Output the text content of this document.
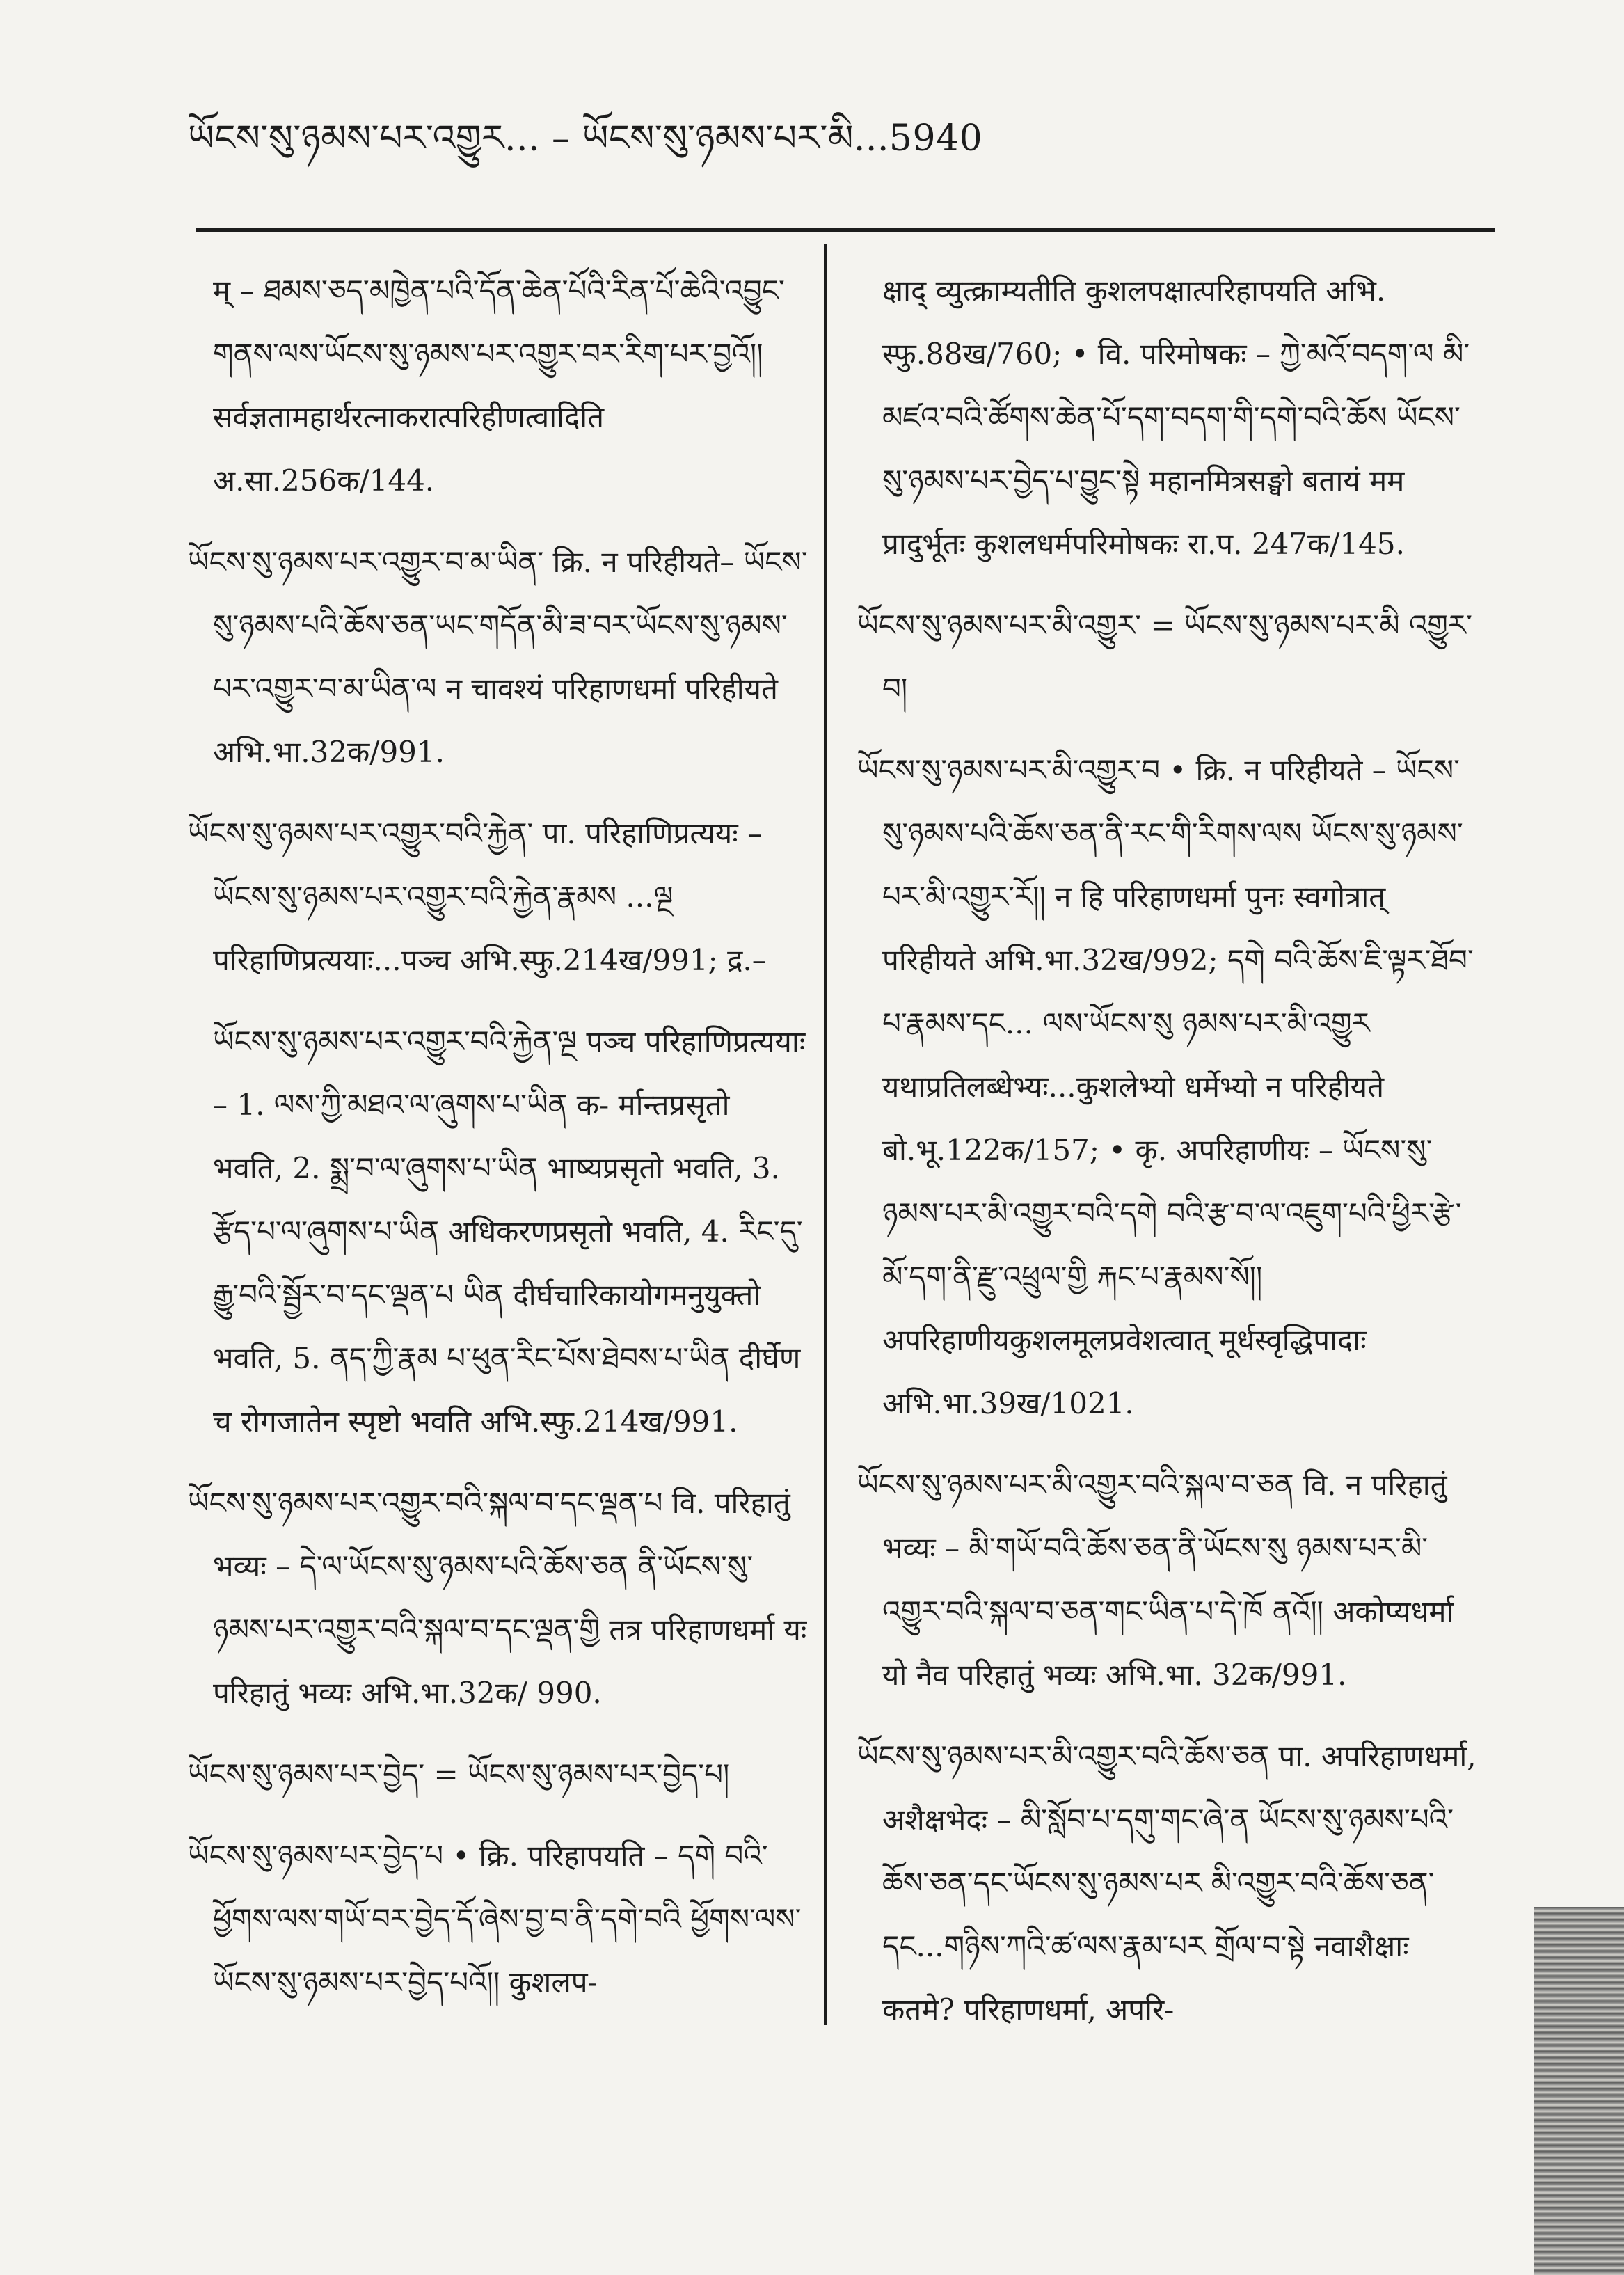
ཡོངས་སུ་ཉམས་པར་འགྱུར... – ཡོངས་སུ་ཉམས་པར་མི...5940

म् – ཐམས་ཅད་མཁྱེན་པའི་དོན་ཆེན་པོའི་རིན་པོ་ཆེའི་འབྱུང་གནས་ལས་ཡོངས་སུ་ཉམས་པར་འགྱུར་བར་རིག་པར་བྱའོ།། सर्वज्ञतामहार्थरत्नाकरात्परिहीणत्वादिति अ.सा.256क/144.

ཡོངས་སུ་ཉམས་པར་འགྱུར་བ་མ་ཡིན་ क्रि. न परिहीयते– ཡོངས་སུ་ཉམས་པའི་ཆོས་ཅན་ཡང་གདོན་མི་ཟ་བར་ཡོངས་སུ་ཉམས་པར་འགྱུར་བ་མ་ཡིན་ལ न चावश्यं परिहाणधर्मा परिहीयते अभि.भा.32क/991.

ཡོངས་སུ་ཉམས་པར་འགྱུར་བའི་རྐྱེན་ पा. परिहाणिप्रत्ययः – ཡོངས་སུ་ཉམས་པར་འགྱུར་བའི་རྐྱེན་རྣམས ...ལྔ परिहाणिप्रत्ययाः...पञ्च अभि.स्फु.214ख/991; द्र.–

ཡོངས་སུ་ཉམས་པར་འགྱུར་བའི་རྐྱེན་ལྔ पञ्च परिहाणिप्रत्ययाः – 1. ལས་ཀྱི་མཐའ་ལ་ཞུགས་པ་ཡིན क- र्मान्तप्रसृतो भवति, 2. སྨྲ་བ་ལ་ཞུགས་པ་ཡིན भाष्यप्रसृतो भवति, 3. རྩོད་པ་ལ་ཞུགས་པ་ཡིན अधिकरणप्रसृतो भवति, 4. རིང་དུ་རྒྱུ་བའི་སྦྱོར་བ་དང་ལྡན་པ ཡིན दीर्घचारिकायोगमनुयुक्तो भवति, 5. ནད་ཀྱི་རྣམ པ་ཕུན་རིང་པོས་ཐེབས་པ་ཡིན दीर्घेण च रोगजातेन स्पृष्टो भवति अभि.स्फु.214ख/991.

ཡོངས་སུ་ཉམས་པར་འགྱུར་བའི་སྐལ་བ་དང་ལྡན་པ वि. परिहातुं भव्यः – དེ་ལ་ཡོངས་སུ་ཉམས་པའི་ཆོས་ཅན ནི་ཡོངས་སུ་ཉམས་པར་འགྱུར་བའི་སྐལ་བ་དང་ལྡན་གྱི तत्र परिहाणधर्मा यः परिहातुं भव्यः अभि.भा.32क/ 990.

ཡོངས་སུ་ཉམས་པར་བྱེད་ = ཡོངས་སུ་ཉམས་པར་བྱེད་པ།

ཡོངས་སུ་ཉམས་པར་བྱེད་པ • क्रि. परिहापयति – དགེ བའི་ཕྱོགས་ལས་གཡོ་བར་བྱེད་དོ་ཞེས་བྱ་བ་ནི་དགེ་བའི ཕྱོགས་ལས་ཡོངས་སུ་ཉམས་པར་བྱེད་པའོ།། कुशलप-

क्षाद् व्युत्क्राम्यतीति कुशलपक्षात्परिहापयति अभि. स्फु.88ख/760; • वि. परिमोषकः – ཀྱེ་མའོ་བདག་ལ མི་མཛའ་བའི་ཚོགས་ཆེན་པོ་དག་བདག་གི་དགེ་བའི་ཆོས ཡོངས་སུ་ཉམས་པར་བྱེད་པ་བྱུང་སྟེ महानमित्रसङ्घो बतायं मम प्रादुर्भूतः कुशलधर्मपरिमोषकः रा.प. 247क/145.

ཡོངས་སུ་ཉམས་པར་མི་འགྱུར་ = ཡོངས་སུ་ཉམས་པར་མི འགྱུར་བ།

ཡོངས་སུ་ཉམས་པར་མི་འགྱུར་བ • क्रि. न परिहीयते – ཡོངས་སུ་ཉམས་པའི་ཆོས་ཅན་ནི་རང་གི་རིགས་ལས ཡོངས་སུ་ཉམས་པར་མི་འགྱུར་རོ།། न हि परिहाणधर्मा पुनः स्वगोत्रात् परिहीयते अभि.भा.32ख/992; དགེ བའི་ཆོས་ཇི་ལྟར་ཐོབ་པ་རྣམས་དང... ལས་ཡོངས་སུ ཉམས་པར་མི་འགྱུར यथाप्रतिलब्धेभ्यः...कुशलेभ्यो धर्मेभ्यो न परिहीयते बो.भू.122क/157; • कृ. अपरिहाणीयः – ཡོངས་སུ་ཉམས་པར་མི་འགྱུར་བའི་དགེ བའི་རྩ་བ་ལ་འཇུག་པའི་ཕྱིར་རྩེ་མོ་དག་ནི་རྫུ་འཕྲུལ་གྱི རྐང་པ་རྣམས་སོ།། अपरिहाणीयकुशलमूलप्रवेशत्वात् मूर्धस्वृद्धिपादाः अभि.भा.39ख/1021.

ཡོངས་སུ་ཉམས་པར་མི་འགྱུར་བའི་སྐལ་བ་ཅན वि. न परिहातुं भव्यः – མི་གཡོ་བའི་ཆོས་ཅན་ནི་ཡོངས་སུ ཉམས་པར་མི་འགྱུར་བའི་སྐལ་བ་ཅན་གང་ཡིན་པ་དེ་ཁོ ནའོ།། अकोप्यधर्मा यो नैव परिहातुं भव्यः अभि.भा. 32क/991.

ཡོངས་སུ་ཉམས་པར་མི་འགྱུར་བའི་ཆོས་ཅན पा. अपरिहाणधर्मा, अशैक्षभेदः – མི་སློབ་པ་དགུ་གང་ཞེ་ན ཡོངས་སུ་ཉམས་པའི་ཆོས་ཅན་དང་ཡོངས་སུ་ཉམས་པར མི་འགྱུར་བའི་ཆོས་ཅན་དང...གཉིས་ཀའི་ཚ་ལས་རྣམ་པར གྲོལ་བ་སྟེ नवाशैक्षाः कतमे? परिहाणधर्मा, अपरि-
